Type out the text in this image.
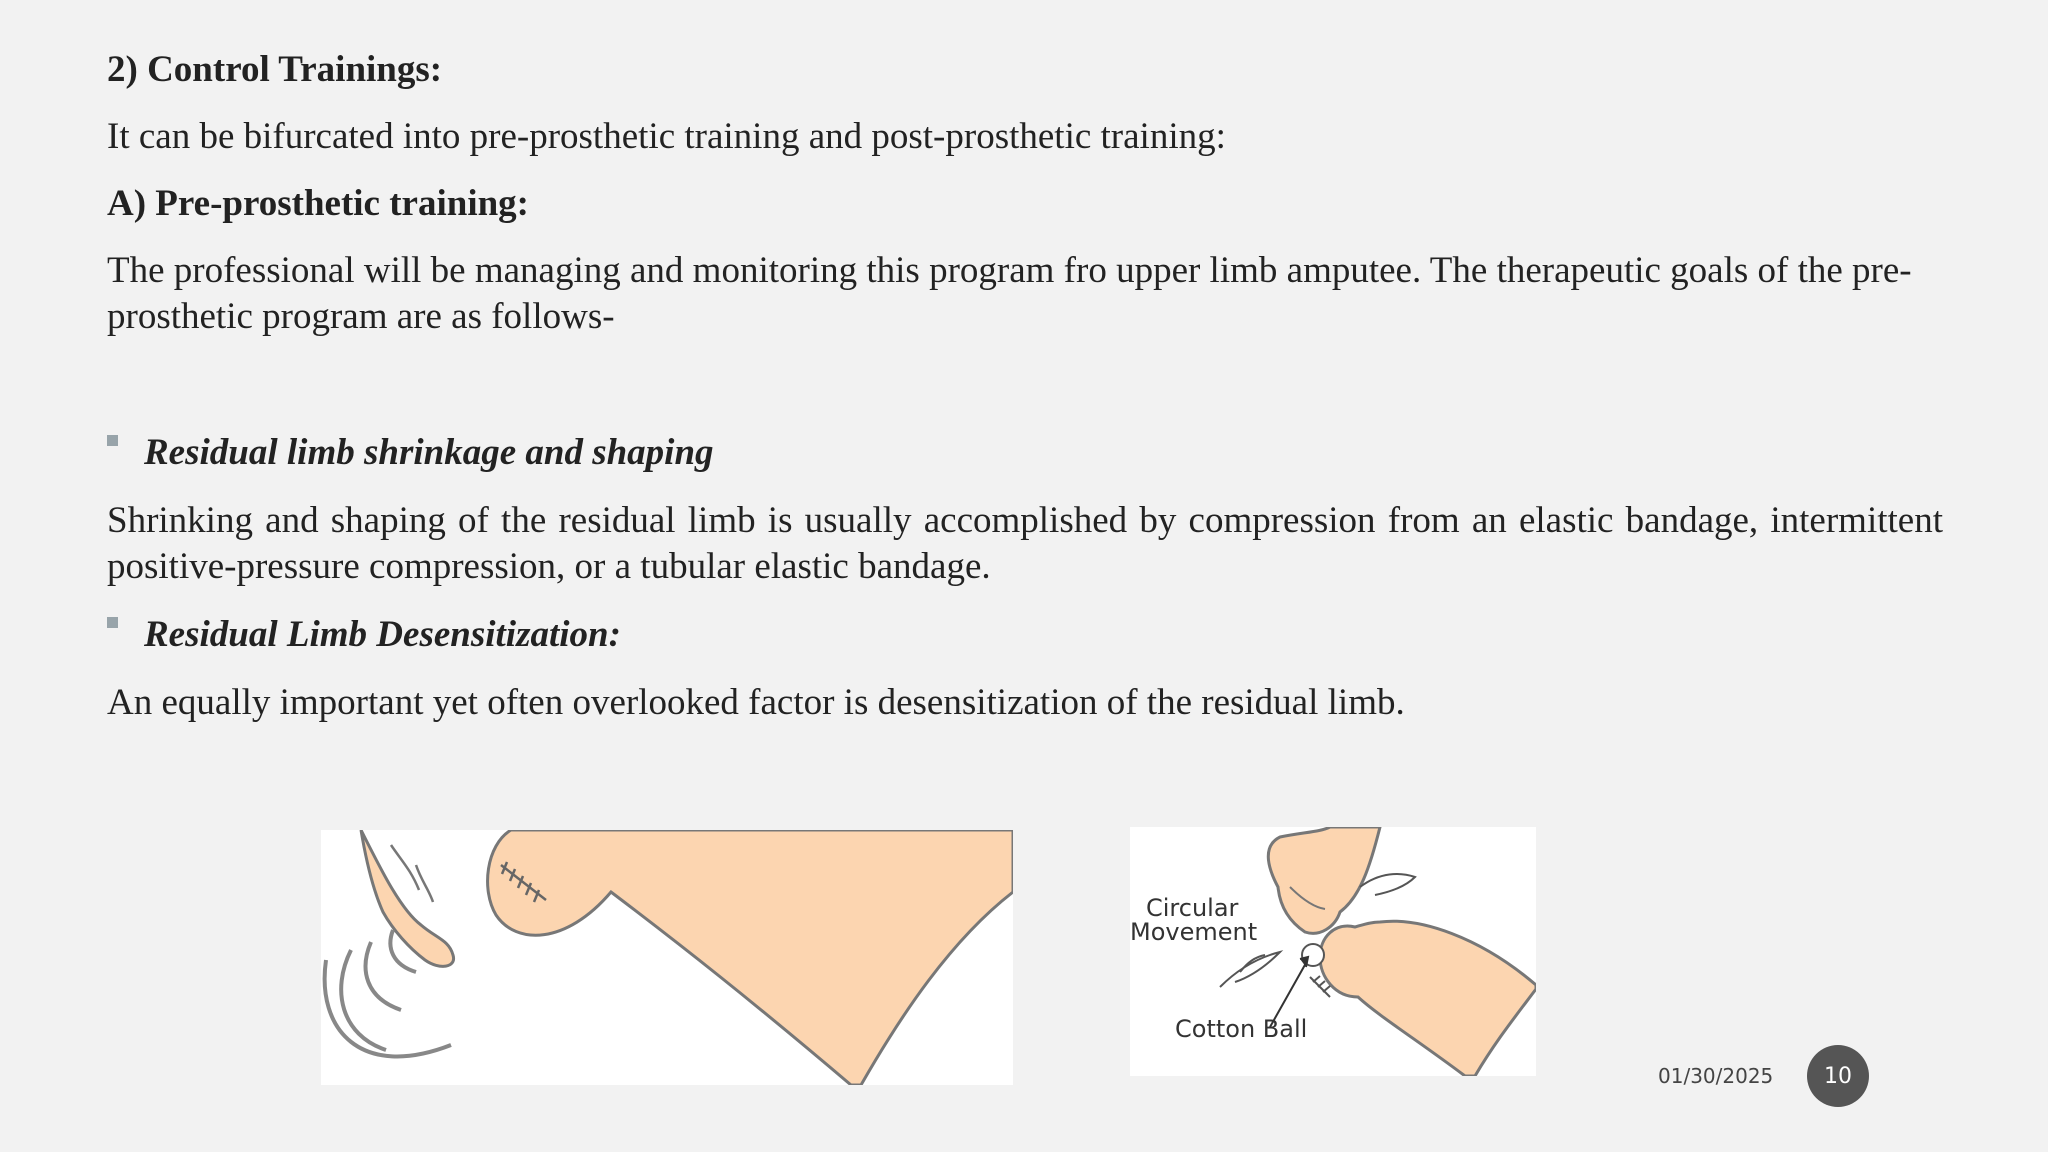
2) Control Trainings:

It can be bifurcated into pre-prosthetic training and post-prosthetic training:

A) Pre-prosthetic training:

The professional will be managing and monitoring this program fro upper limb amputee. The therapeutic goals of the pre-prosthetic program are as follows-

Residual limb shrinkage and shaping

Shrinking and shaping of the residual limb is usually accomplished by compression from an elastic bandage, intermittent positive-pressure compression, or a tubular elastic bandage.

Residual Limb Desensitization:

An equally important yet often overlooked factor is desensitization of the residual limb.

Circular
Movement
Cotton Ball
01/30/2025 10
